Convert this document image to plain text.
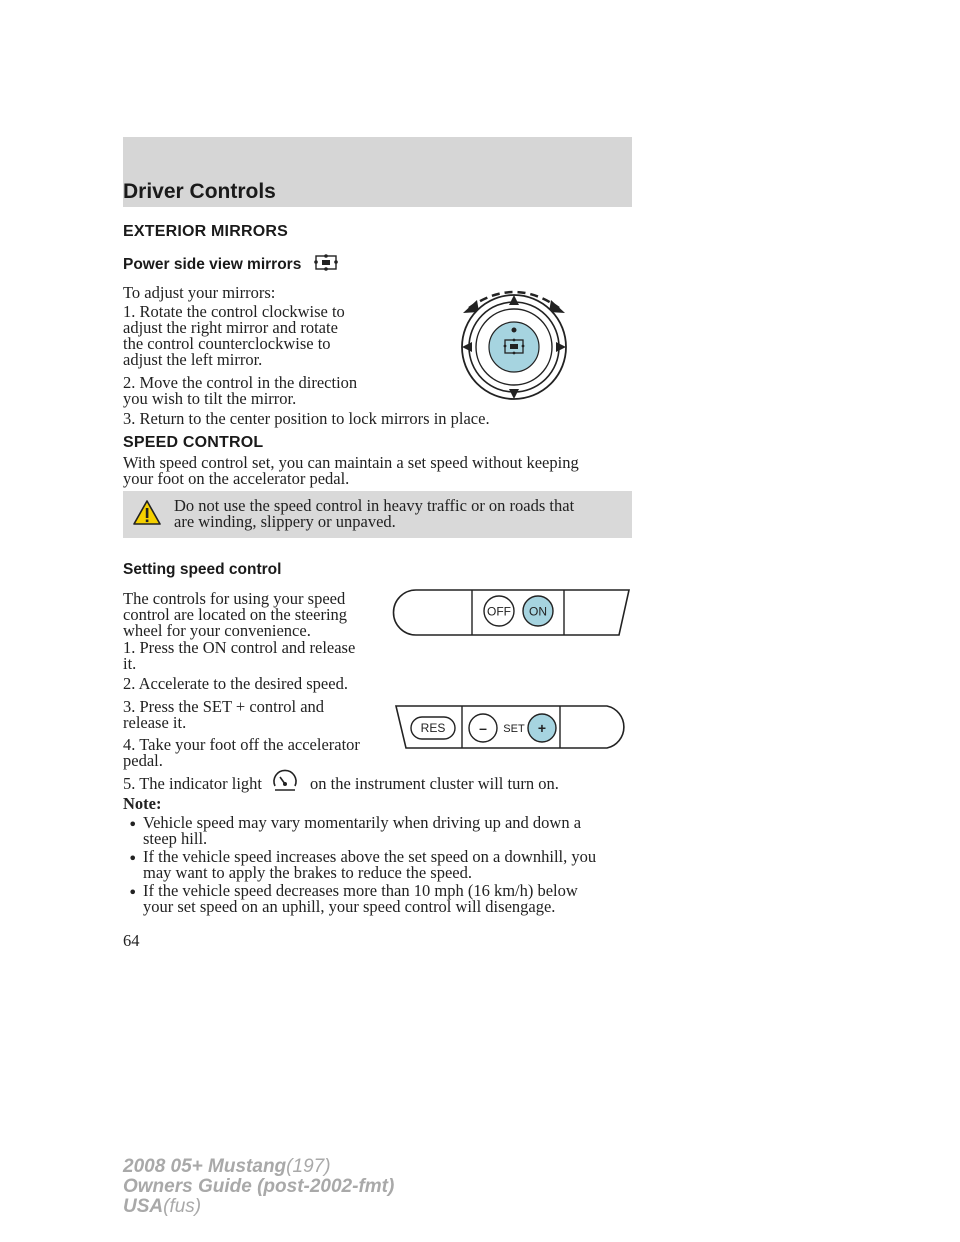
Driver Controls
EXTERIOR MIRRORS
Power side view mirrors

To adjust your mirrors:

1. Rotate the control clockwise to

adjust the right mirror and rotate

the control counterclockwise to

adjust the left mirror.

2. Move the control in the direction

you wish to tilt the mirror.

3. Return to the center position to lock mirrors in place.

SPEED CONTROL

With speed control set, you can maintain a set speed without keeping

your foot on the accelerator pedal.

Do not use the speed control in heavy traffic or on roads that

are winding, slippery or unpaved.

Setting speed control

The controls for using your speed

control are located on the steering

wheel for your convenience.

1. Press the ON control and release

it.

2. Accelerate to the desired speed.

3. Press the SET + control and

release it.

4. Take your foot off the accelerator

pedal.

5. The indicator light	on the instrument cluster will turn on.

Note:

• Vehicle speed may vary momentarily when driving up and down a

steep hill.

• If the vehicle speed increases above the set speed on a downhill, you

may want to apply the brakes to reduce the speed.

• If the vehicle speed decreases more than 10 mph (16 km/h) below

your set speed on an uphill, your speed control will disengage.

OFF ON
RES – SET +

64

2008 05+ Mustang(197)
Owners Guide (post-2002-fmt)
USA(fus)
